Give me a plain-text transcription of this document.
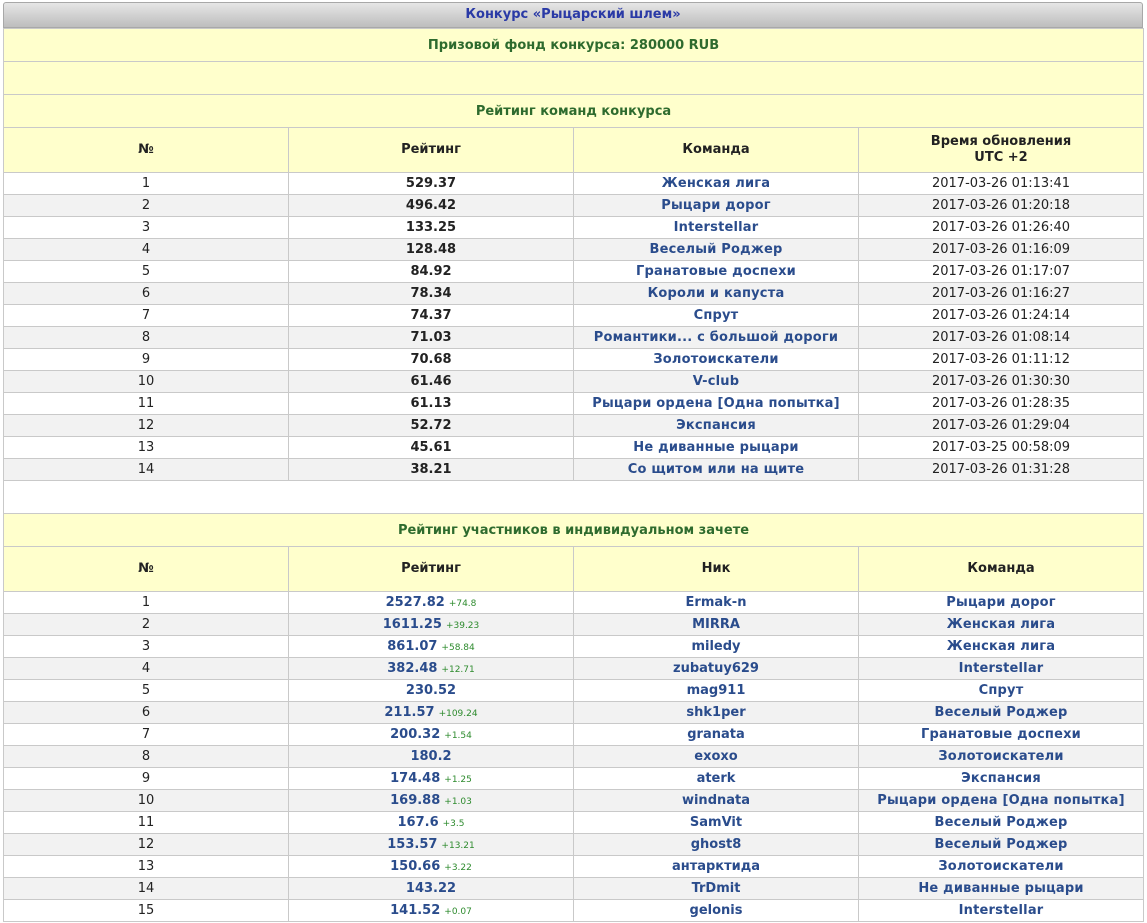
Конкурс «Рыцарский шлем»
Призовой фонд конкурса: 280000 RUB			

Рейтинг команд конкурса			
№	Рейтинг	Команда	Время обновления
UTC +2
1	529.37	Женская лига	2017-03-26 01:13:41
2	496.42	Рыцари дорог	2017-03-26 01:20:18
3	133.25	Interstellar	2017-03-26 01:26:40
4	128.48	Веселый Роджер	2017-03-26 01:16:09
5	84.92	Гранатовые доспехи	2017-03-26 01:17:07
6	78.34	Короли и капуста	2017-03-26 01:16:27
7	74.37	Спрут	2017-03-26 01:24:14
8	71.03	Романтики... с большой дороги	2017-03-26 01:08:14
9	70.68	Золотоискатели	2017-03-26 01:11:12
10	61.46	V-club	2017-03-26 01:30:30
11	61.13	Рыцари ордена [Одна попытка]	2017-03-26 01:28:35
12	52.72	Экспансия	2017-03-26 01:29:04
13	45.61	Не диванные рыцари	2017-03-25 00:58:09
14	38.21	Со щитом или на щите	2017-03-26 01:31:28

Рейтинг участников в индивидуальном зачете			
№	Рейтинг	Ник	Команда
1	2527.82 +74.8	Ermak-n	Рыцари дорог
2	1611.25 +39.23	MIRRA	Женская лига
3	861.07 +58.84	miledy	Женская лига
4	382.48 +12.71	zubatuy629	Interstellar
5	230.52	mag911	Спрут
6	211.57 +109.24	shk1per	Веселый Роджер
7	200.32 +1.54	granata	Гранатовые доспехи
8	180.2	exoxo	Золотоискатели
9	174.48 +1.25	aterk	Экспансия
10	169.88 +1.03	windnata	Рыцари ордена [Одна попытка]
11	167.6 +3.5	SamVit	Веселый Роджер
12	153.57 +13.21	ghost8	Веселый Роджер
13	150.66 +3.22	антарктида	Золотоискатели
14	143.22	TrDmit	Не диванные рыцари
15	141.52 +0.07	gelonis	Interstellar
